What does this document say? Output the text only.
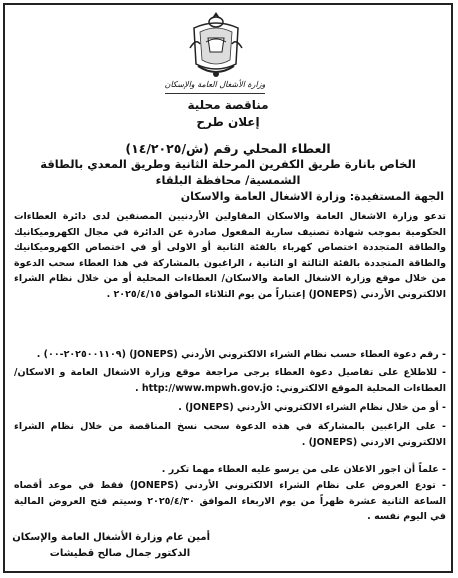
وزارة الأشغال العامة والإسكان
مناقصة محلية
إعلان طرح
العطاء المحلي رقم (ش/١٤/٢٠٢٥)
الخاص بانارة طريق الكفرين المرحلة الثانية وطريق المعدي بالطاقة
الشمسية/ محافظة البلقاء
الجهة المستفيدة: وزارة الاشغال العامة والاسكان
تدعو وزارة الاشغال العامة والاسكان المقاولين الأردنيين المصنفين لدى دائرة العطاءات الحكومية بموجب شهادة تصنيف سارية المفعول صادرة عن الدائرة في مجال الكهروميكانيك والطاقة المتجددة اختصاص كهرباء بالفئة الثانية أو الاولى أو في اختصاص الكهروميكانيك والطاقة المتجددة بالفئة الثالثة او الثانية ، الراغبون بالمشاركة في هذا العطاء سحب الدعوة من خلال موقع وزارة الاشغال العامة والاسكان/ العطاءات المحلية أو من خلال نظام الشراء الالكتروني الأردني (JONEPS) إعتباراً من يوم الثلاثاء الموافق ٢٠٢٥/٤/١٥ .
- رقم دعوة العطاء حسب نظام الشراء الالكتروني الأردني (JONEPS) (٢٠٢٥٠٠١١٠٩-٠٠) .
- للاطلاع على تفاصيل دعوة العطاء يرجى مراجعة موقع وزارة الاشغال العامة و الاسكان/العطاءات المحلية الموقع الالكتروني: http://www.mpwh.gov.jo .
- أو من خلال نظام الشراء الالكتروني الأردني (JONEPS) .
- على الراغبين بالمشاركة في هذه الدعوة سحب نسخ المناقصة من خلال نظام الشراء الالكتروني الاردني (JONEPS) .
- علماً أن اجور الاعلان على من يرسو عليه العطاء مهما تكرر .
- تودع العروض على نظام الشراء الالكتروني الأردني (JONEPS) فقط في موعد أقصاه الساعة الثانية عشرة ظهراً من يوم الاربعاء الموافق ٢٠٢٥/٤/٣٠ وسيتم فتح العروض المالية في اليوم نفسه .
أمين عام وزارة الأشغال العامة والإسكان
الدكتور جمال صالح قطيشات
